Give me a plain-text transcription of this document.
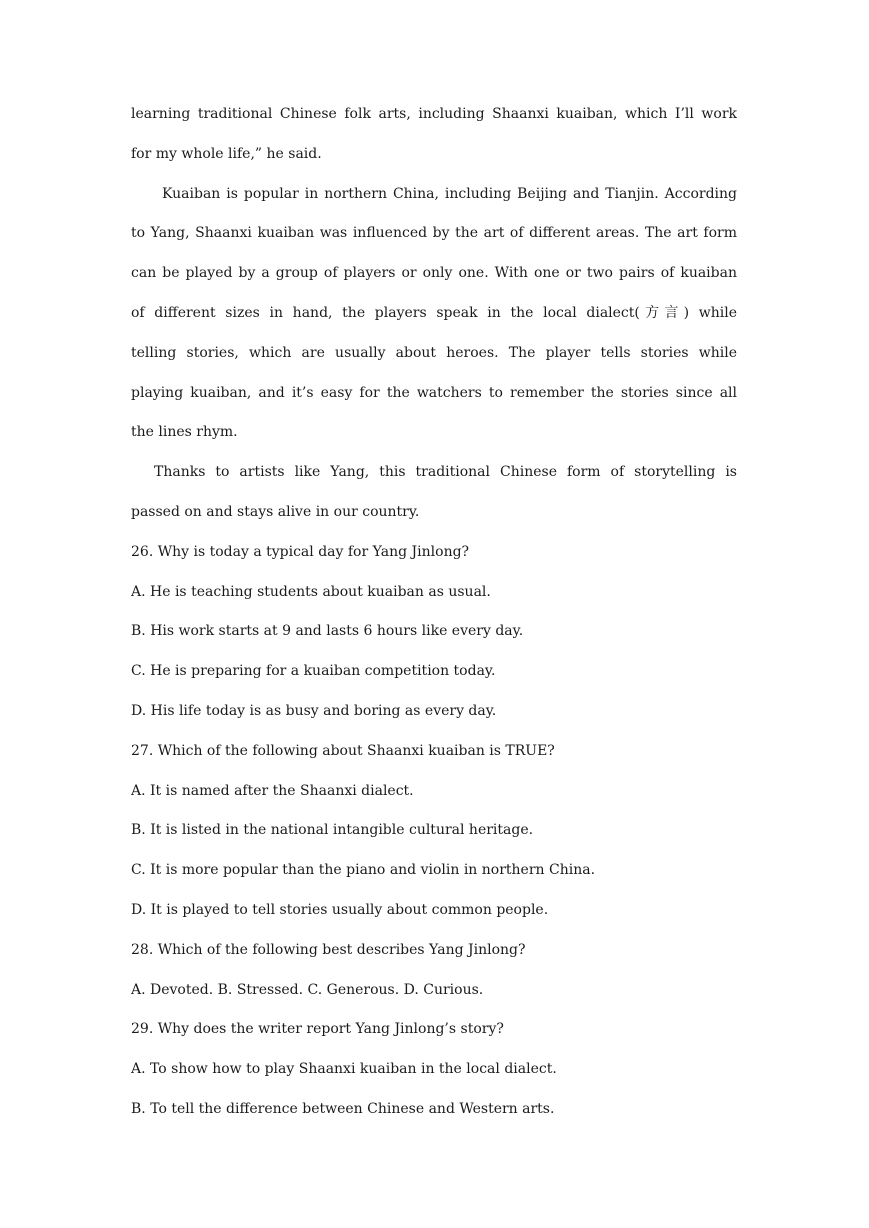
learning traditional Chinese folk arts, including Shaanxi kuaiban, which I’ll work
for my whole life,” he said.
Kuaiban is popular in northern China, including Beijing and Tianjin. According
to Yang, Shaanxi kuaiban was influenced by the art of different areas. The art form
can be played by a group of players or only one. With one or two pairs of kuaiban
of different sizes in hand, the players speak in the local dialect(方言) while
telling stories, which are usually about heroes. The player tells stories while
playing kuaiban, and it’s easy for the watchers to remember the stories since all
the lines rhym.
Thanks to artists like Yang, this traditional Chinese form of storytelling is
passed on and stays alive in our country.
26. Why is today a typical day for Yang Jinlong?
A. He is teaching students about kuaiban as usual.
B. His work starts at 9 and lasts 6 hours like every day.
C. He is preparing for a kuaiban competition today.
D. His life today is as busy and boring as every day.
27. Which of the following about Shaanxi kuaiban is TRUE?
A. It is named after the Shaanxi dialect.
B. It is listed in the national intangible cultural heritage.
C. It is more popular than the piano and violin in northern China.
D. It is played to tell stories usually about common people.
28. Which of the following best describes Yang Jinlong?
A. Devoted. B. Stressed. C. Generous. D. Curious.
29. Why does the writer report Yang Jinlong’s story?
A. To show how to play Shaanxi kuaiban in the local dialect.
B. To tell the difference between Chinese and Western arts.
